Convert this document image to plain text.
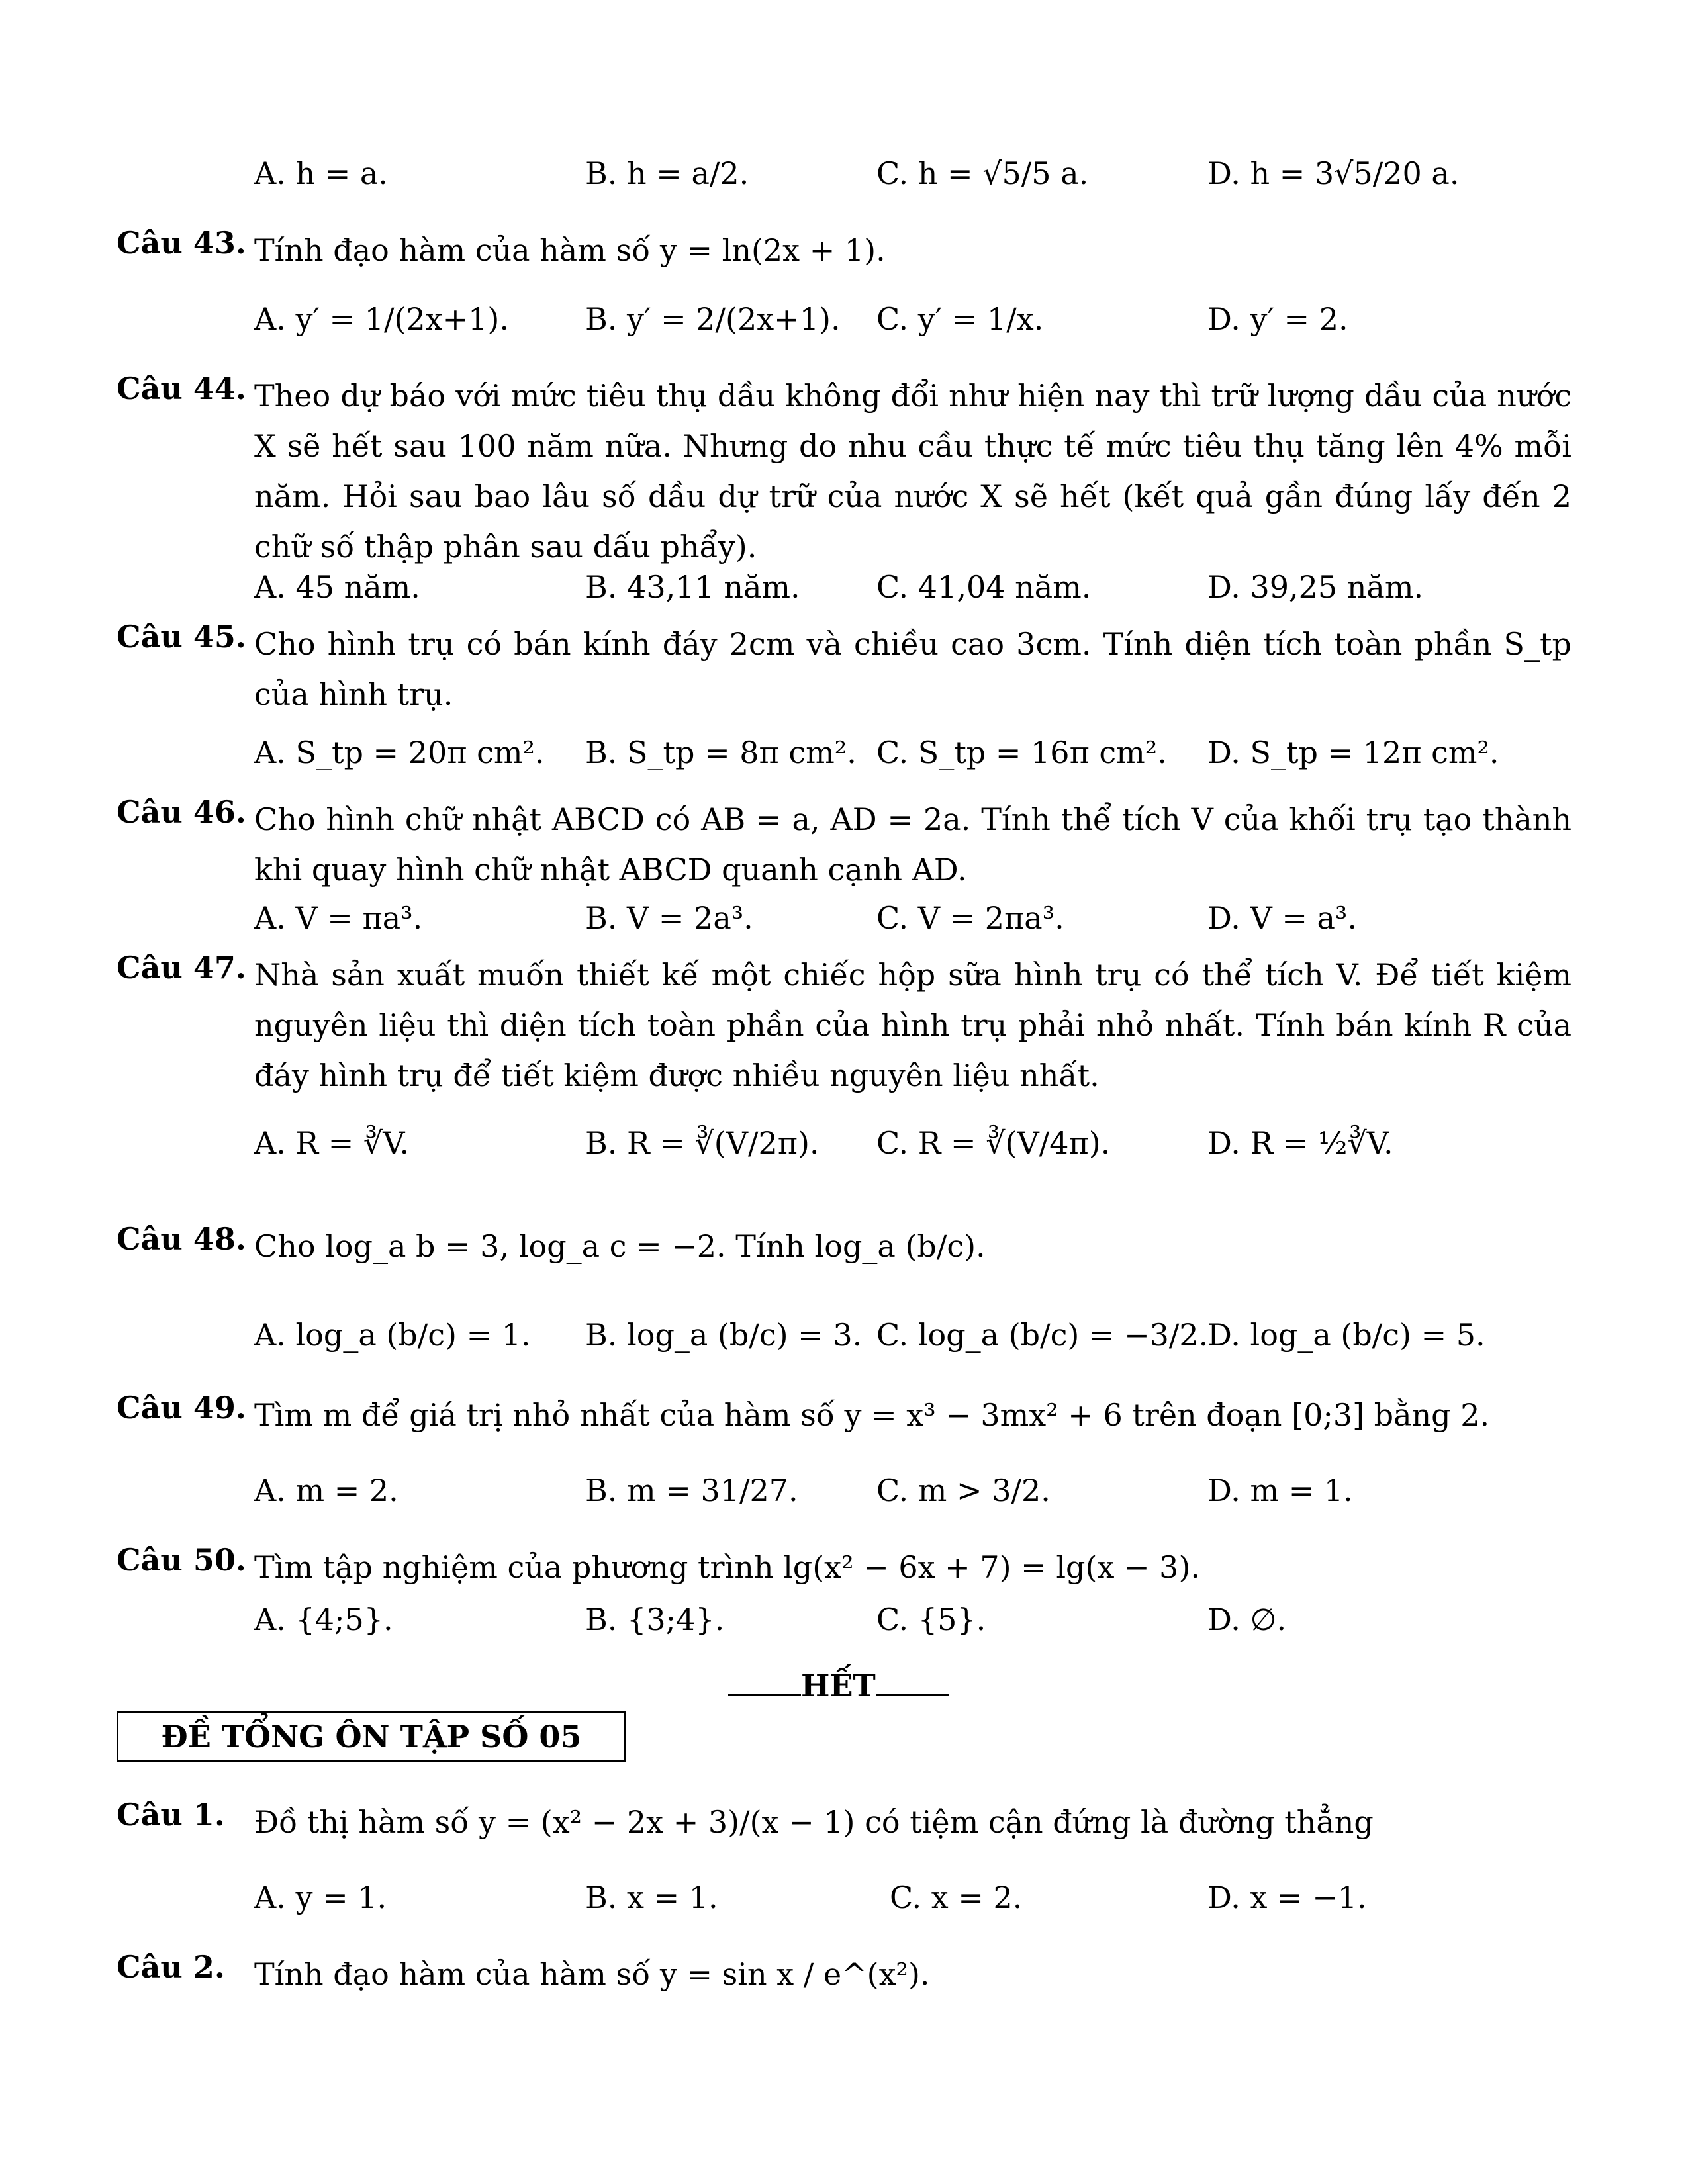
A. h = a.	B. h = a/2.	C. h = √5/5 a.	D. h = 3√5/20 a.
Câu 43. Tính đạo hàm của hàm số y = ln(2x + 1).
A. y′ = 1/(2x+1).	B. y′ = 2/(2x+1). C. y′ = 1/x.	D. y′ = 2.
Câu 44. Theo dự báo với mức tiêu thụ dầu không đổi như hiện nay thì trữ lượng dầu của nước X sẽ hết sau 100 năm nữa. Nhưng do nhu cầu thực tế mức tiêu thụ tăng lên 4% mỗi năm. Hỏi sau bao lâu số dầu dự trữ của nước X sẽ hết (kết quả gần đúng lấy đến 2 chữ số thập phân sau dấu phẩy).
A. 45 năm.	B. 43,11 năm.	C. 41,04 năm.	D. 39,25 năm.
Câu 45. Cho hình trụ có bán kính đáy 2cm và chiều cao 3cm. Tính diện tích toàn phần S_tp của hình trụ.
A. S_tp = 20π cm². B. S_tp = 8π cm². C. S_tp = 16π cm². D. S_tp = 12π cm².
Câu 46. Cho hình chữ nhật ABCD có AB = a, AD = 2a. Tính thể tích V của khối trụ tạo thành khi quay hình chữ nhật ABCD quanh cạnh AD.
A. V = πa³.	B. V = 2a³.	C. V = 2πa³.	D. V = a³.
Câu 47. Nhà sản xuất muốn thiết kế một chiếc hộp sữa hình trụ có thể tích V. Để tiết kiệm nguyên liệu thì diện tích toàn phần của hình trụ phải nhỏ nhất. Tính bán kính R của đáy hình trụ để tiết kiệm được nhiều nguyên liệu nhất.
A. R = ∛V.	B. R = ∛(V/2π). C. R = ∛(V/4π).	D. R = ½∛V.
Câu 48. Cho log_a b = 3, log_a c = −2. Tính log_a (b/c).
A. log_a (b/c) = 1. B. log_a (b/c) = 3. C. log_a (b/c) = −3/2.
D. log_a (b/c) = 5.
Câu 49. Tìm m để giá trị nhỏ nhất của hàm số y = x³ − 3mx² + 6 trên đoạn [0;3] bằng 2.
A. m = 2.	B. m = 31/27.	C. m > 3/2.	D. m = 1.
Câu 50. Tìm tập nghiệm của phương trình lg(x² − 6x + 7) = lg(x − 3).
A. {4;5}.	B. {3;4}.	C. {5}.	D. ∅.
HẾT
ĐỀ TỔNG ÔN TẬP SỐ 05
Câu 1. Đồ thị hàm số y = (x² − 2x + 3)/(x − 1) có tiệm cận đứng là đường thẳng
A. y = 1.	B. x = 1.	C. x = 2.	D. x = −1.
Câu 2. Tính đạo hàm của hàm số y = sin x / e^(x²).
